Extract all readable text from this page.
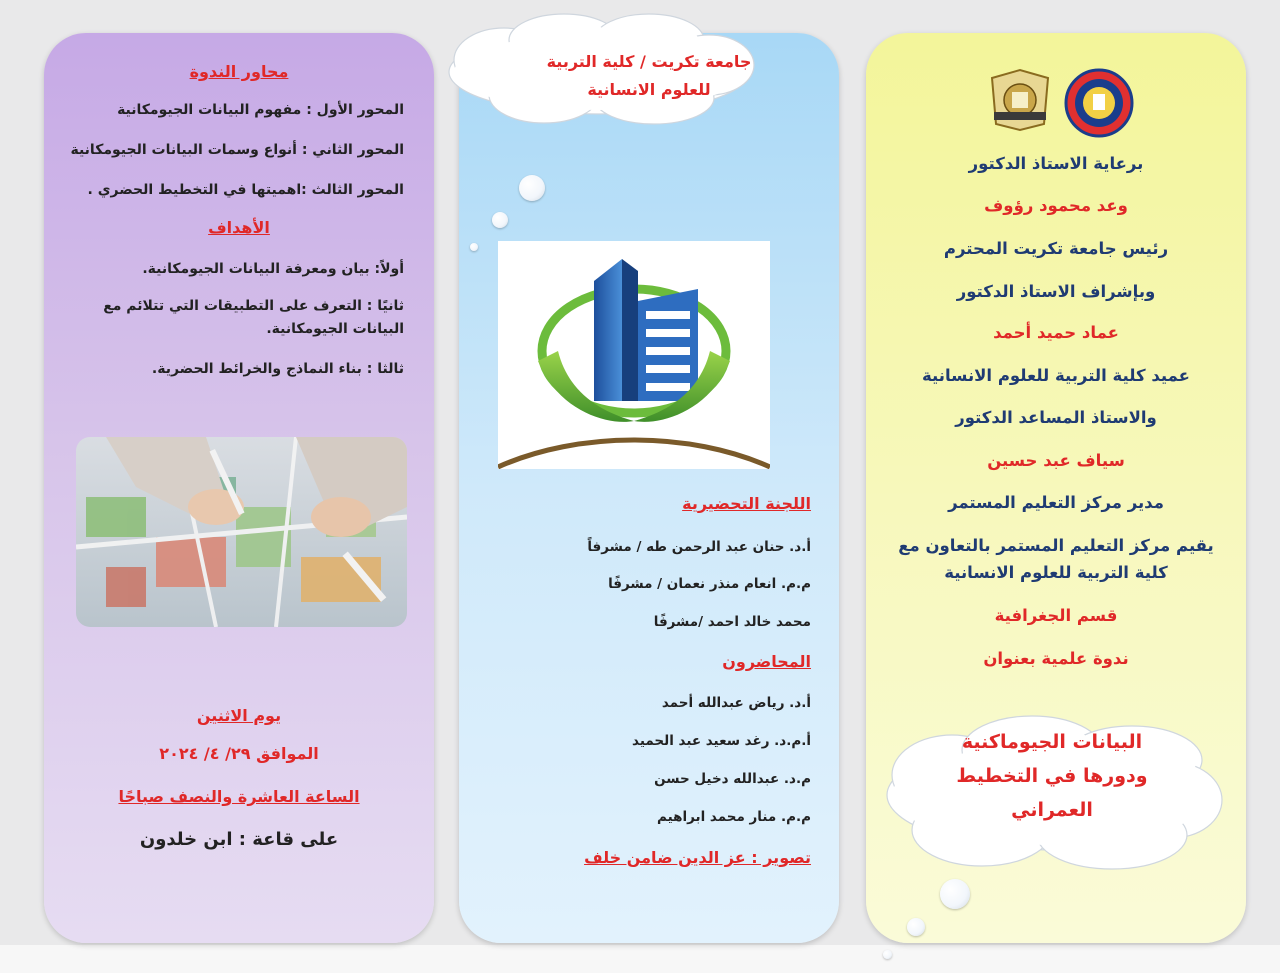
محاور الندوة
المحور الأول : مفهوم البيانات الجيومكانية
المحور الثاني : أنواع وسمات البيانات الجيومكانية
المحور الثالث :اهميتها في التخطيط الحضري .
الأهداف
أولاً: بيان ومعرفة البيانات الجيومكانية.
ثانيًا : التعرف على التطبيقات التي تتلائم مع
البيانات الجيومكانية.
ثالثا : بناء النماذج والخرائط الحضرية.
يوم الاثنين
الموافق ٢٩/ ٤/ ٢٠٢٤
الساعة العاشرة والنصف صباحًا
على قاعة : ابن خلدون
جامعة تكريت / كلية التربية
للعلوم الانسانية
اللجنة التحضيرية
أ.د. حنان عبد الرحمن طه / مشرفاً
م.م. انعام منذر نعمان / مشرفًا
محمد خالد احمد /مشرفًا
المحاضرون
أ.د. رياض عبدالله أحمد
أ.م.د. رغد سعيد عبد الحميد
م.د. عبدالله دخيل حسن
م.م. منار محمد ابراهيم
تصوير : عز الدين ضامن خلف
برعاية الاستاذ الدكتور
وعد محمود رؤوف
رئيس جامعة تكريت المحترم
وبإشراف الاستاذ الدكتور
عماد حميد أحمد
عميد كلية التربية للعلوم الانسانية
والاستاذ المساعد الدكتور
سياف عبد حسين
مدير مركز التعليم المستمر
يقيم مركز التعليم المستمر بالتعاون مع
كلية التربية للعلوم الانسانية
قسم الجغرافية
ندوة علمية بعنوان
البيانات الجيوماكنية
ودورها في التخطيط
العمراني
